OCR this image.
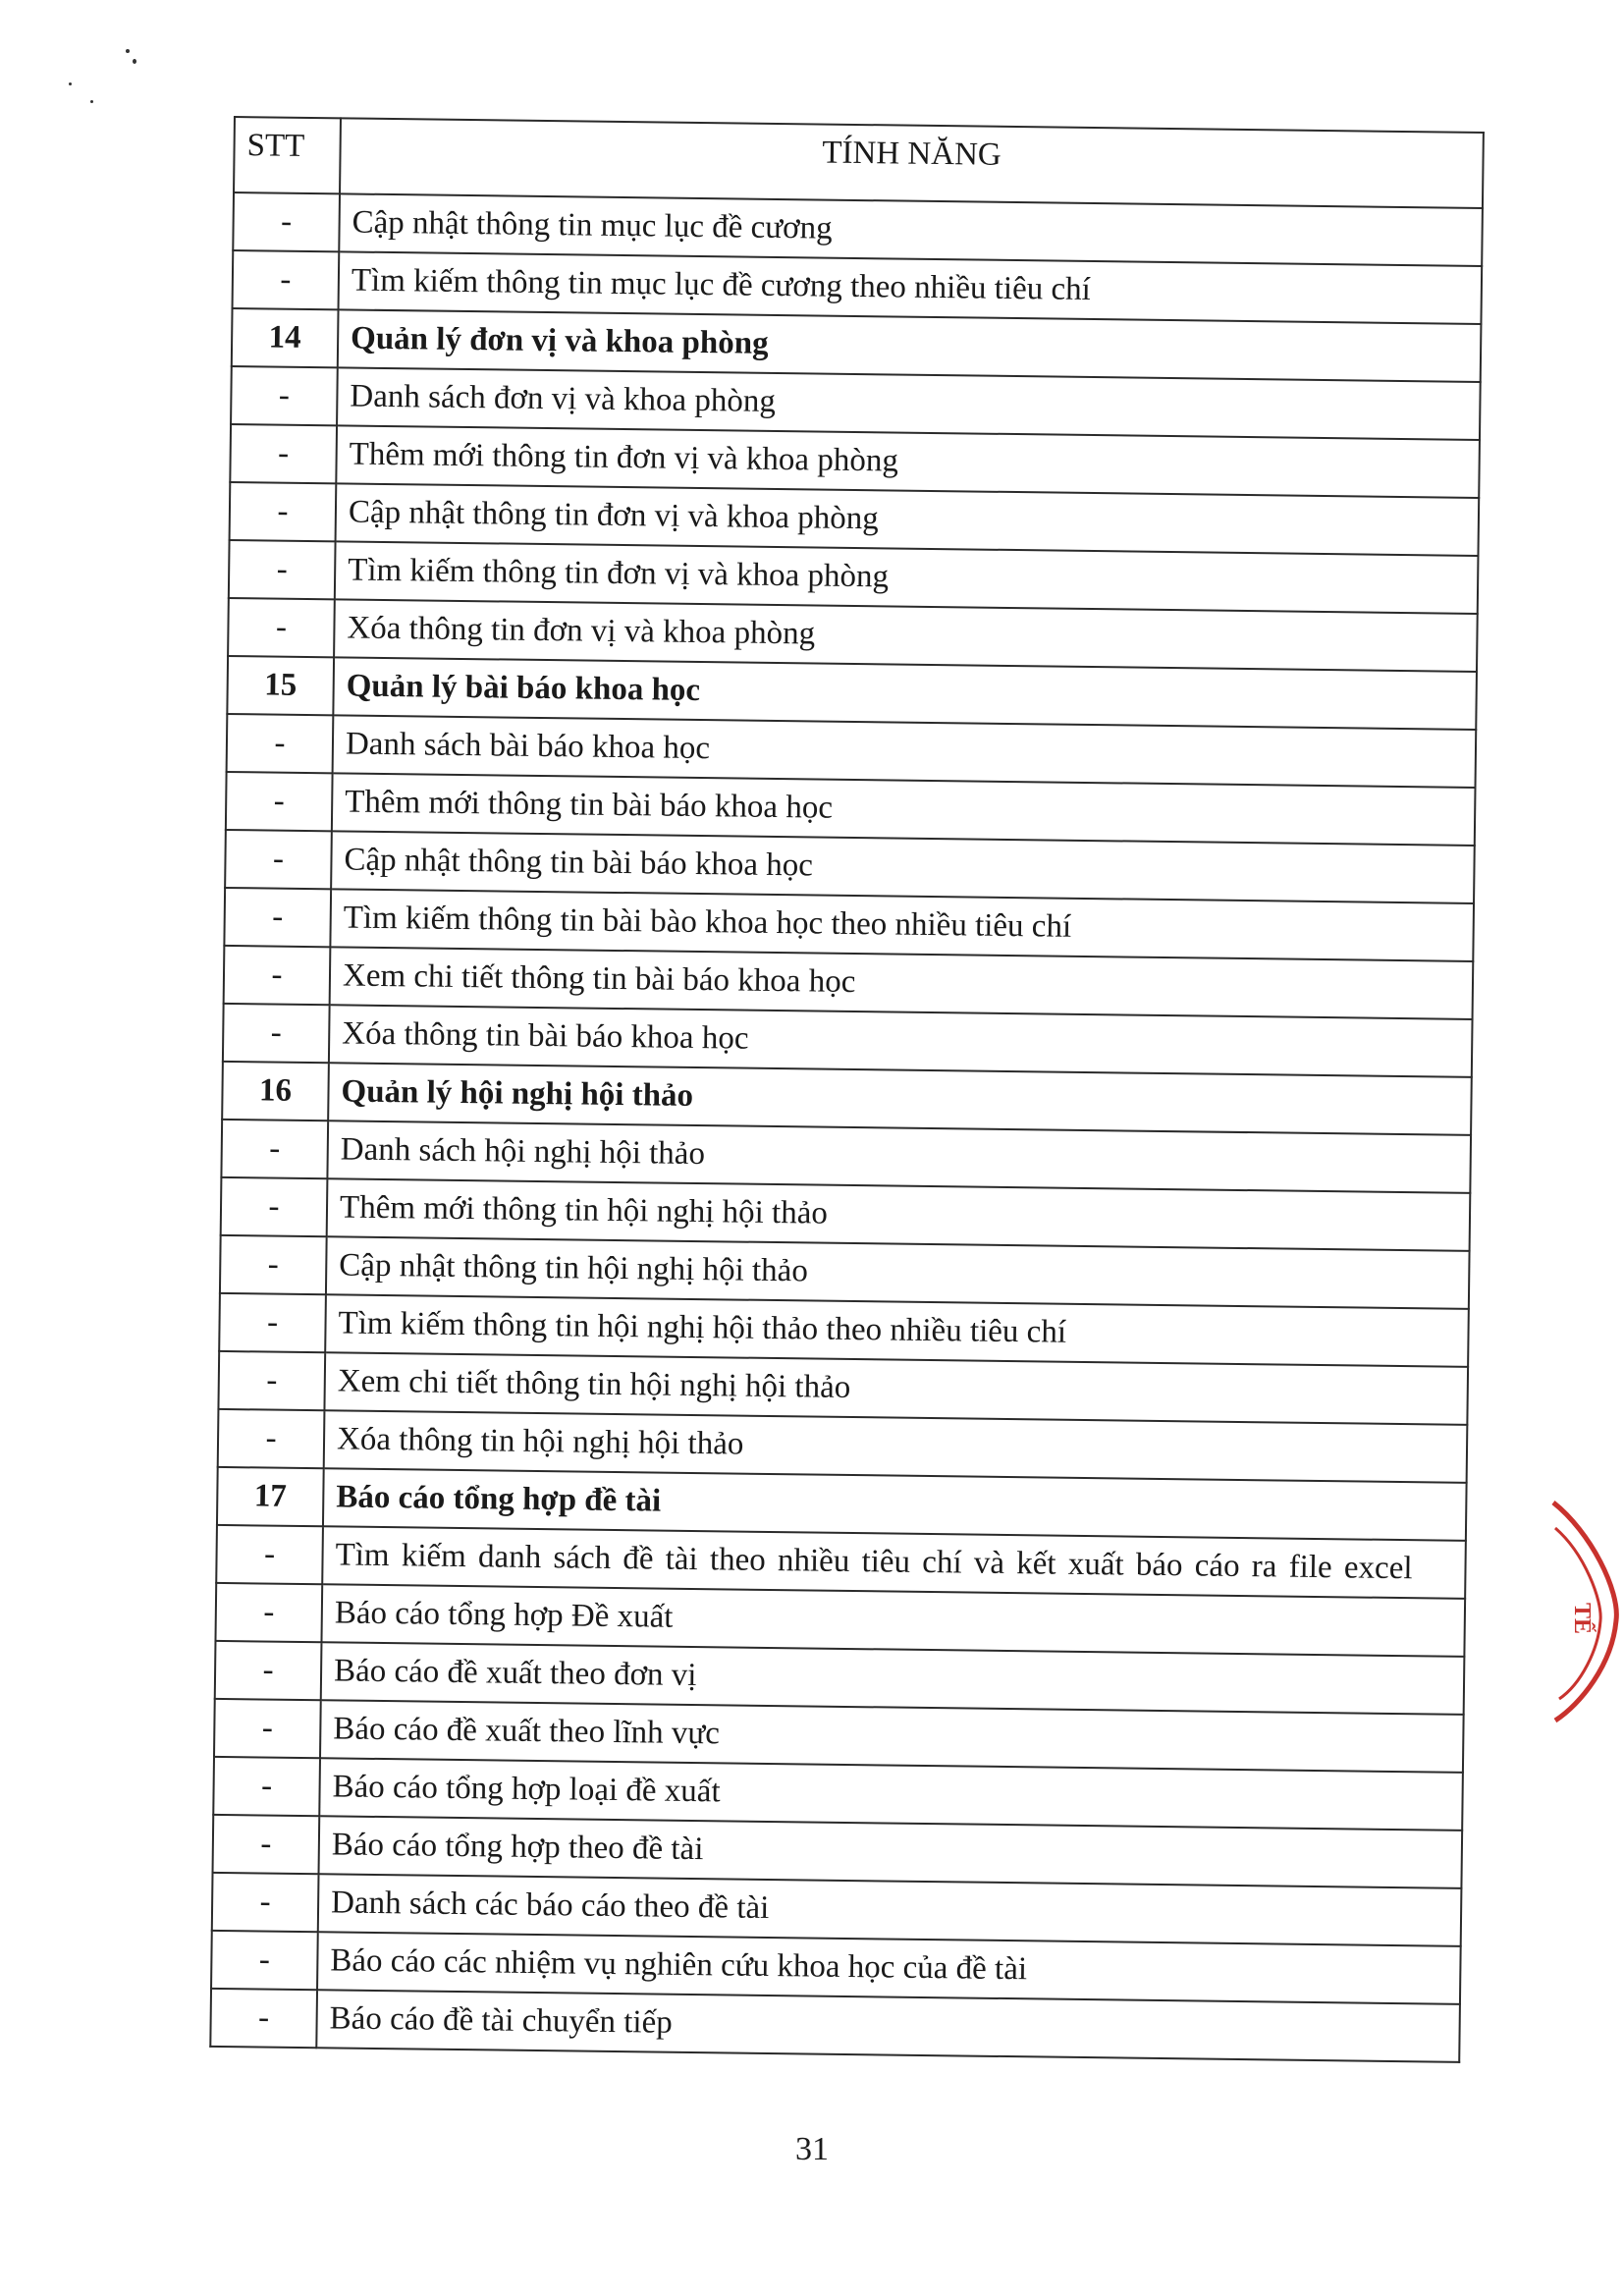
STT	TÍNH NĂNG
-	Cập nhật thông tin mục lục đề cương
-	Tìm kiếm thông tin mục lục đề cương theo nhiều tiêu chí
14	Quản lý đơn vị và khoa phòng
-	Danh sách đơn vị và khoa phòng
-	Thêm mới thông tin đơn vị và khoa phòng
-	Cập nhật thông tin đơn vị và khoa phòng
-	Tìm kiếm thông tin đơn vị và khoa phòng
-	Xóa thông tin đơn vị và khoa phòng
15	Quản lý bài báo khoa học
-	Danh sách bài báo khoa học
-	Thêm mới thông tin bài báo khoa học
-	Cập nhật thông tin bài báo khoa học
-	Tìm kiếm thông tin bài bào khoa học theo nhiều tiêu chí
-	Xem chi tiết thông tin bài báo khoa học
-	Xóa thông tin bài báo khoa học
16	Quản lý hội nghị hội thảo
-	Danh sách hội nghị hội thảo
-	Thêm mới thông tin hội nghị hội thảo
-	Cập nhật thông tin hội nghị hội thảo
-	Tìm kiếm thông tin hội nghị hội thảo theo nhiều tiêu chí
-	Xem chi tiết thông tin hội nghị hội thảo
-	Xóa thông tin hội nghị hội thảo
17	Báo cáo tổng hợp đề tài
-	Tìm kiếm danh sách đề tài theo nhiều tiêu chí và kết xuất báo cáo ra file excel
-	Báo cáo tổng hợp Đề xuất
-	Báo cáo đề xuất theo đơn vị
-	Báo cáo đề xuất theo lĩnh vực
-	Báo cáo tổng hợp loại đề xuất
-	Báo cáo tổng hợp theo đề tài
-	Danh sách các báo cáo theo đề tài
-	Báo cáo các nhiệm vụ nghiên cứu khoa học của đề tài
-	Báo cáo đề tài chuyển tiếp
TẾ
31
